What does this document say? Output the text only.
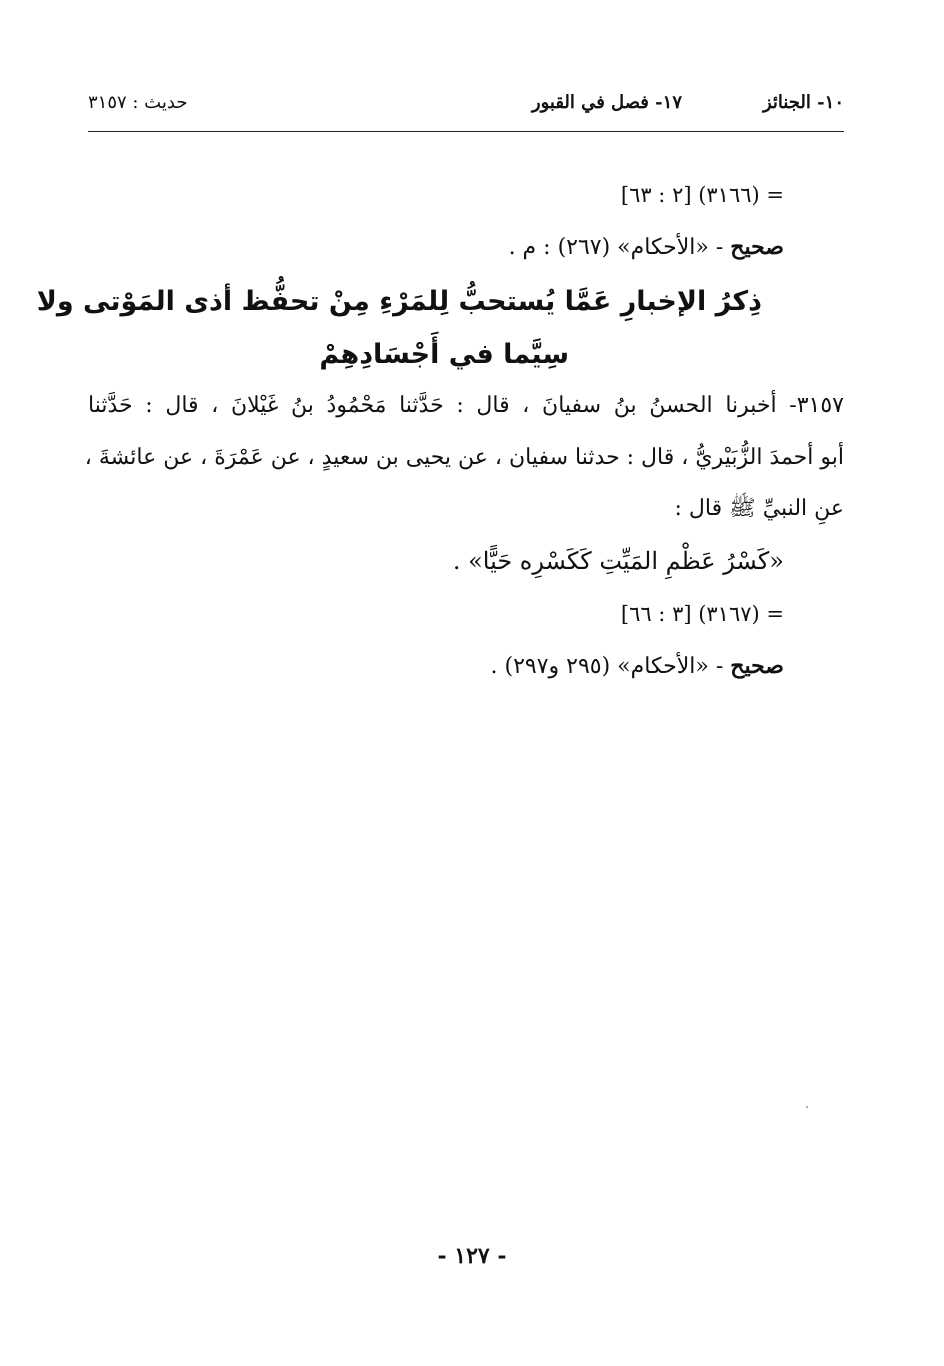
١٠- الجنائز
١٧- فصل في القبور
حديث : ٣١٥٧
= (٣١٦٦) [٢ : ٦٣]
صحيح - «الأحكام» (٢٦٧) : م .
ذِكرُ الإخبارِ عَمَّا يُستحبُّ لِلمَرْءِ مِنْ تحفُّظ أذى المَوْتى ولا
سِيَّما في أَجْسَادِهِمْ
٣١٥٧- أخبرنا الحسنُ بنُ سفيانَ ، قال : حَدَّثنا مَحْمُودُ بنُ غَيْلانَ ، قال : حَدَّثنا
أبو أحمدَ الزُّبَيْريُّ ، قال : حدثنا سفيان ، عن يحيى بن سعيدٍ ، عن عَمْرَةَ ، عن عائشةَ ،
عنِ النبيِّ ﷺ قال :
«كَسْرُ عَظْمِ المَيِّتِ كَكَسْرِه حَيًّا» .
= (٣١٦٧) [٣ : ٦٦]
صحيح - «الأحكام» (٢٩٥ و٢٩٧) .
- ١٢٧ -
